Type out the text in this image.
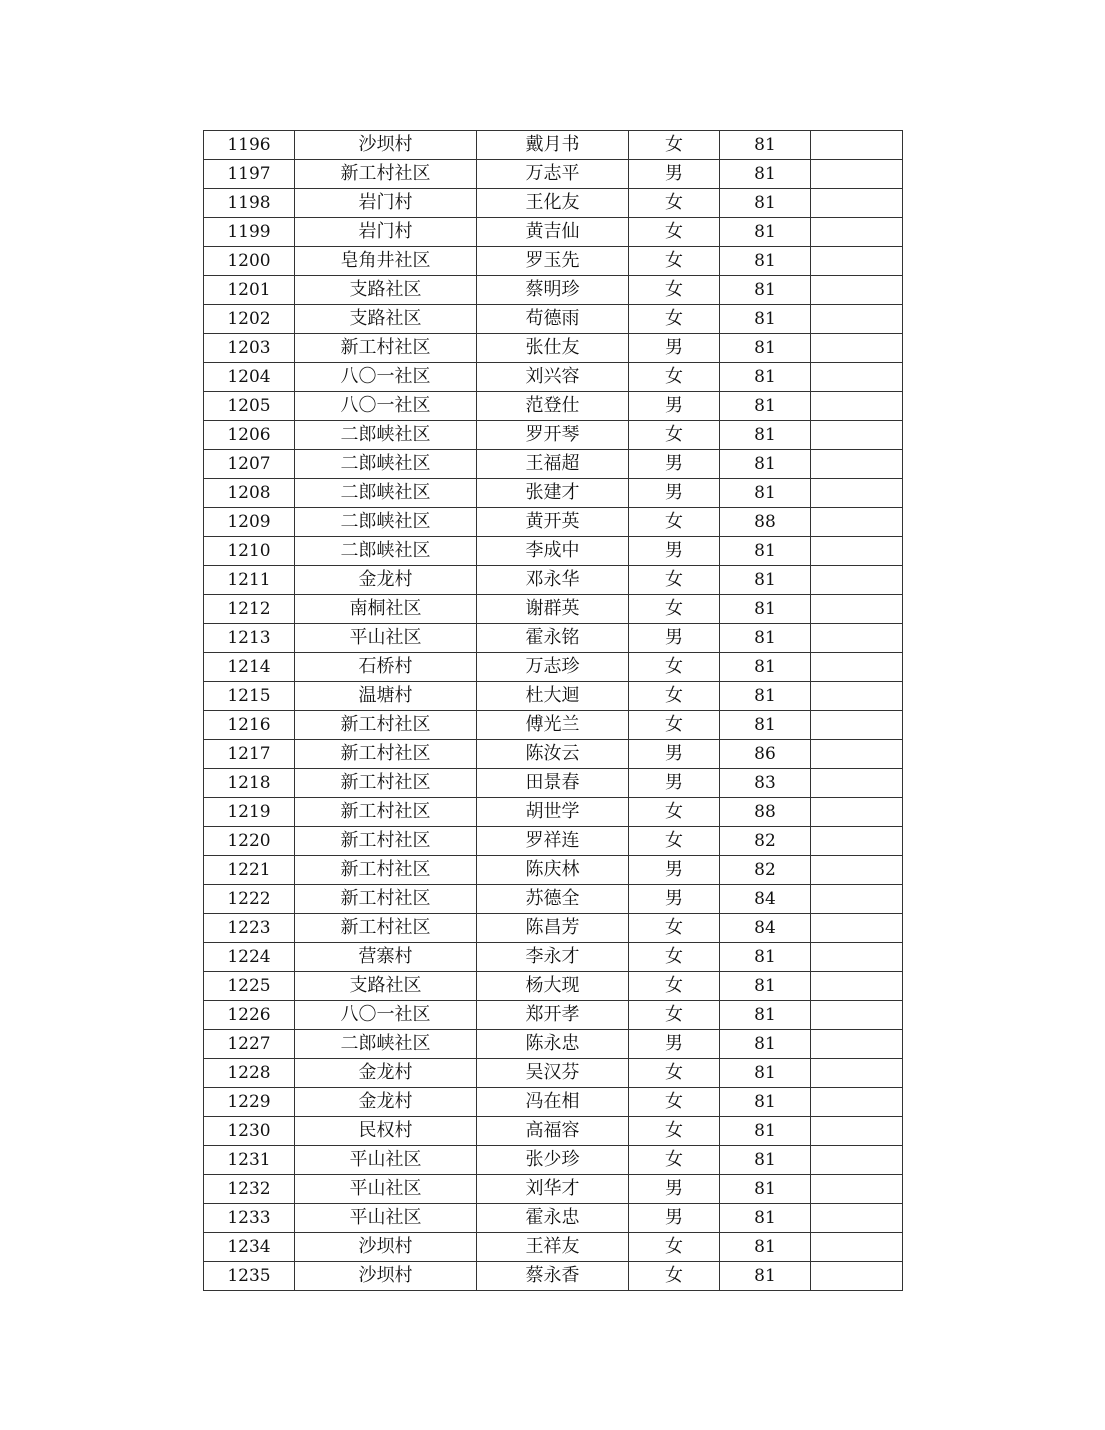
1196	沙坝村	戴月书	女	81	
1197	新工村社区	万志平	男	81	
1198	岩门村	王化友	女	81	
1199	岩门村	黄吉仙	女	81	
1200	皂角井社区	罗玉先	女	81	
1201	支路社区	蔡明珍	女	81	
1202	支路社区	苟德雨	女	81	
1203	新工村社区	张仕友	男	81	
1204	八〇一社区	刘兴容	女	81	
1205	八〇一社区	范登仕	男	81	
1206	二郎峡社区	罗开琴	女	81	
1207	二郎峡社区	王福超	男	81	
1208	二郎峡社区	张建才	男	81	
1209	二郎峡社区	黄开英	女	88	
1210	二郎峡社区	李成中	男	81	
1211	金龙村	邓永华	女	81	
1212	南桐社区	谢群英	女	81	
1213	平山社区	霍永铭	男	81	
1214	石桥村	万志珍	女	81	
1215	温塘村	杜大迴	女	81	
1216	新工村社区	傅光兰	女	81	
1217	新工村社区	陈汝云	男	86	
1218	新工村社区	田景春	男	83	
1219	新工村社区	胡世学	女	88	
1220	新工村社区	罗祥连	女	82	
1221	新工村社区	陈庆林	男	82	
1222	新工村社区	苏德全	男	84	
1223	新工村社区	陈昌芳	女	84	
1224	营寨村	李永才	女	81	
1225	支路社区	杨大现	女	81	
1226	八〇一社区	郑开孝	女	81	
1227	二郎峡社区	陈永忠	男	81	
1228	金龙村	吴汉芬	女	81	
1229	金龙村	冯在相	女	81	
1230	民权村	高福容	女	81	
1231	平山社区	张少珍	女	81	
1232	平山社区	刘华才	男	81	
1233	平山社区	霍永忠	男	81	
1234	沙坝村	王祥友	女	81	
1235	沙坝村	蔡永香	女	81	
